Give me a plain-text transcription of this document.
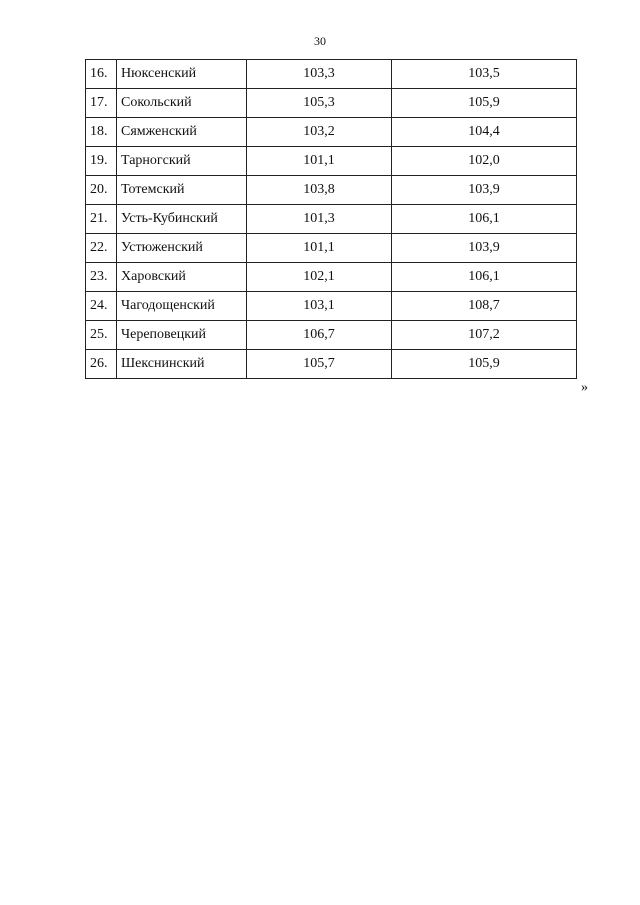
30
16.	Нюксенский	103,3	103,5
17.	Сокольский	105,3	105,9
18.	Сямженский	103,2	104,4
19.	Тарногский	101,1	102,0
20.	Тотемский	103,8	103,9
21.	Усть-Кубинский	101,3	106,1
22.	Устюженский	101,1	103,9
23.	Харовский	102,1	106,1
24.	Чагодощенский	103,1	108,7
25.	Череповецкий	106,7	107,2
26.	Шекснинский	105,7	105,9
»
